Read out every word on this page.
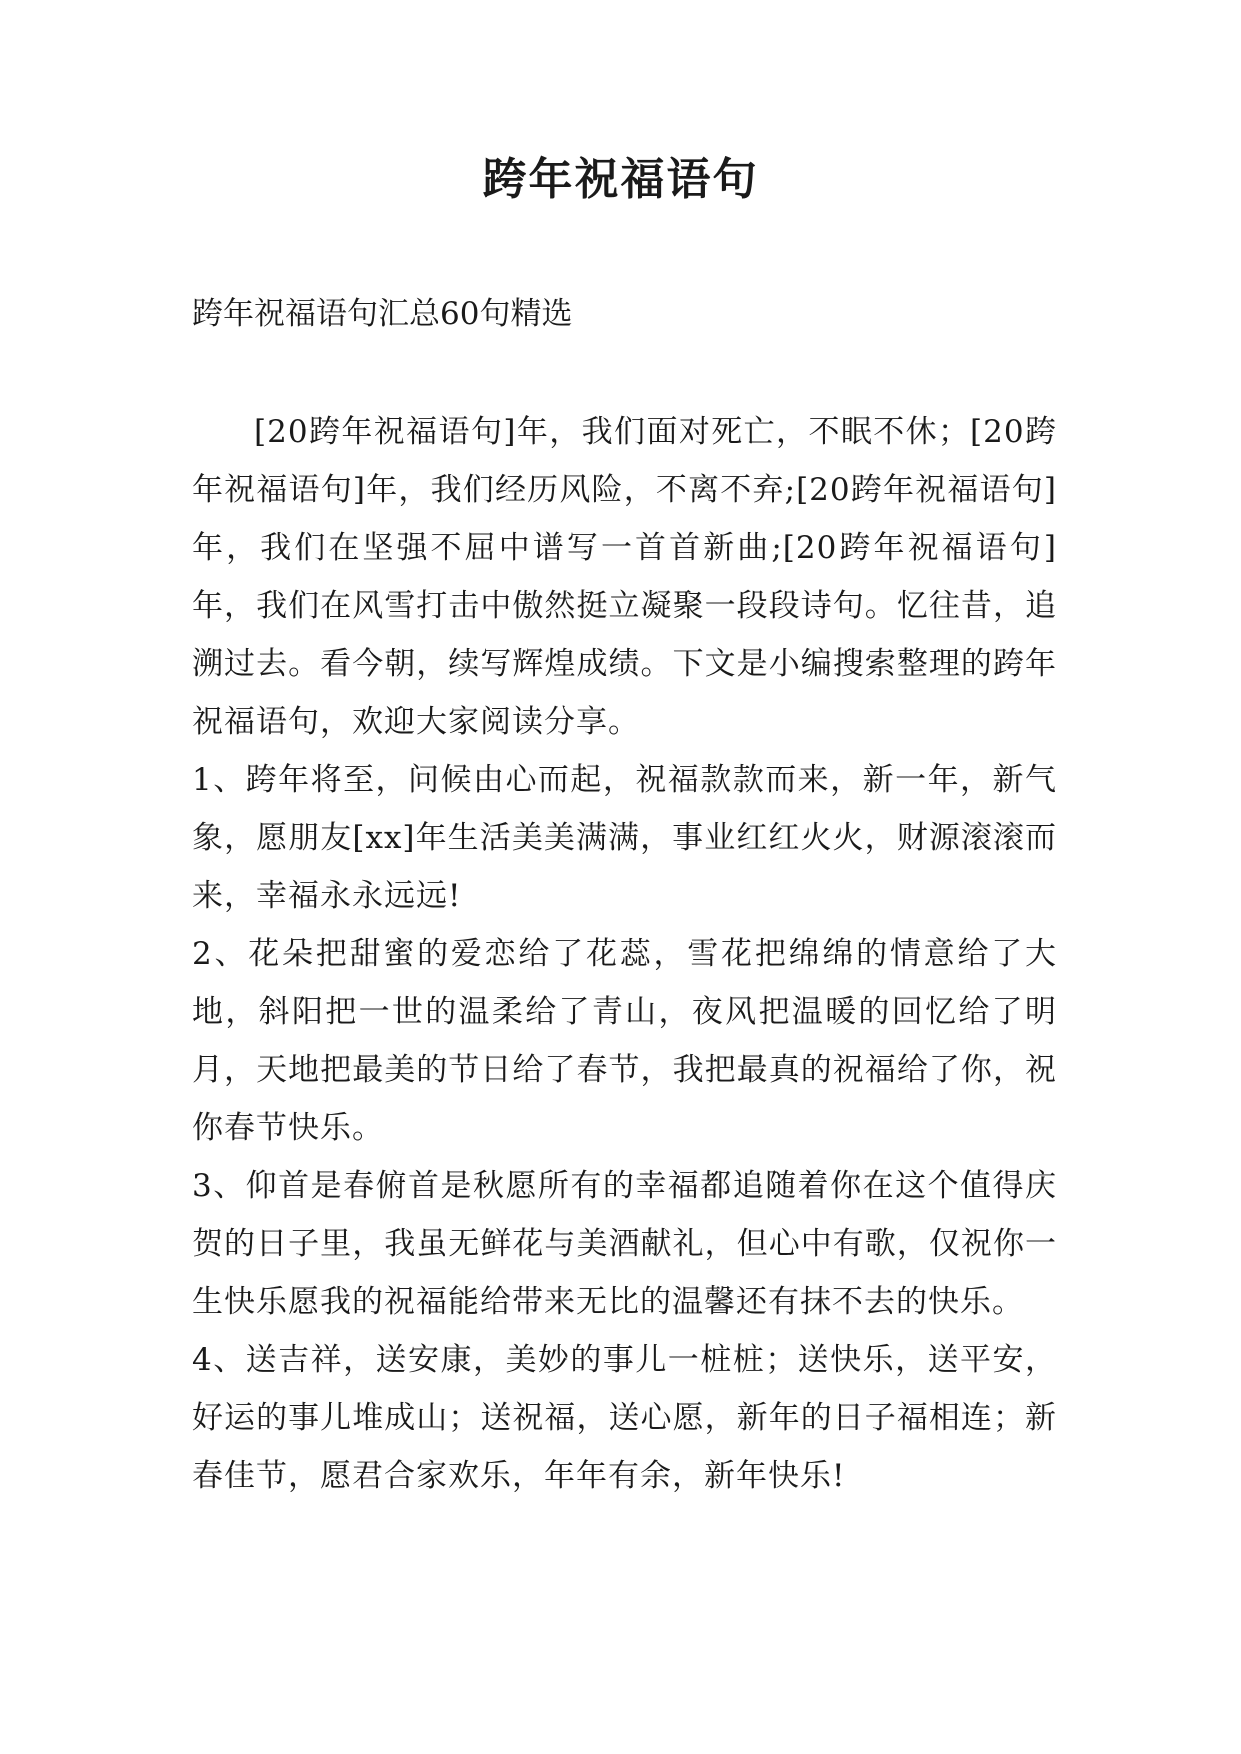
跨年祝福语句

跨年祝福语句汇总60句精选

[20跨年祝福语句]年，我们面对死亡，不眠不休；[20跨年祝福语句]年，我们经历风险，不离不弃;[20跨年祝福语句]年，我们在坚强不屈中谱写一首首新曲;[20跨年祝福语句]年，我们在风雪打击中傲然挺立凝聚一段段诗句。忆往昔，追溯过去。看今朝，续写辉煌成绩。下文是小编搜索整理的跨年祝福语句，欢迎大家阅读分享。

1、跨年将至，问候由心而起，祝福款款而来，新一年，新气象，愿朋友[xx]年生活美美满满，事业红红火火，财源滚滚而来，幸福永永远远!

2、花朵把甜蜜的爱恋给了花蕊，雪花把绵绵的情意给了大地，斜阳把一世的温柔给了青山，夜风把温暖的回忆给了明月，天地把最美的节日给了春节，我把最真的祝福给了你，祝你春节快乐。

3、仰首是春俯首是秋愿所有的幸福都追随着你在这个值得庆贺的日子里，我虽无鲜花与美酒献礼，但心中有歌，仅祝你一生快乐愿我的祝福能给带来无比的温馨还有抹不去的快乐。

4、送吉祥，送安康，美妙的事儿一桩桩；送快乐，送平安，好运的事儿堆成山；送祝福，送心愿，新年的日子福相连；新春佳节，愿君合家欢乐，年年有余，新年快乐!
